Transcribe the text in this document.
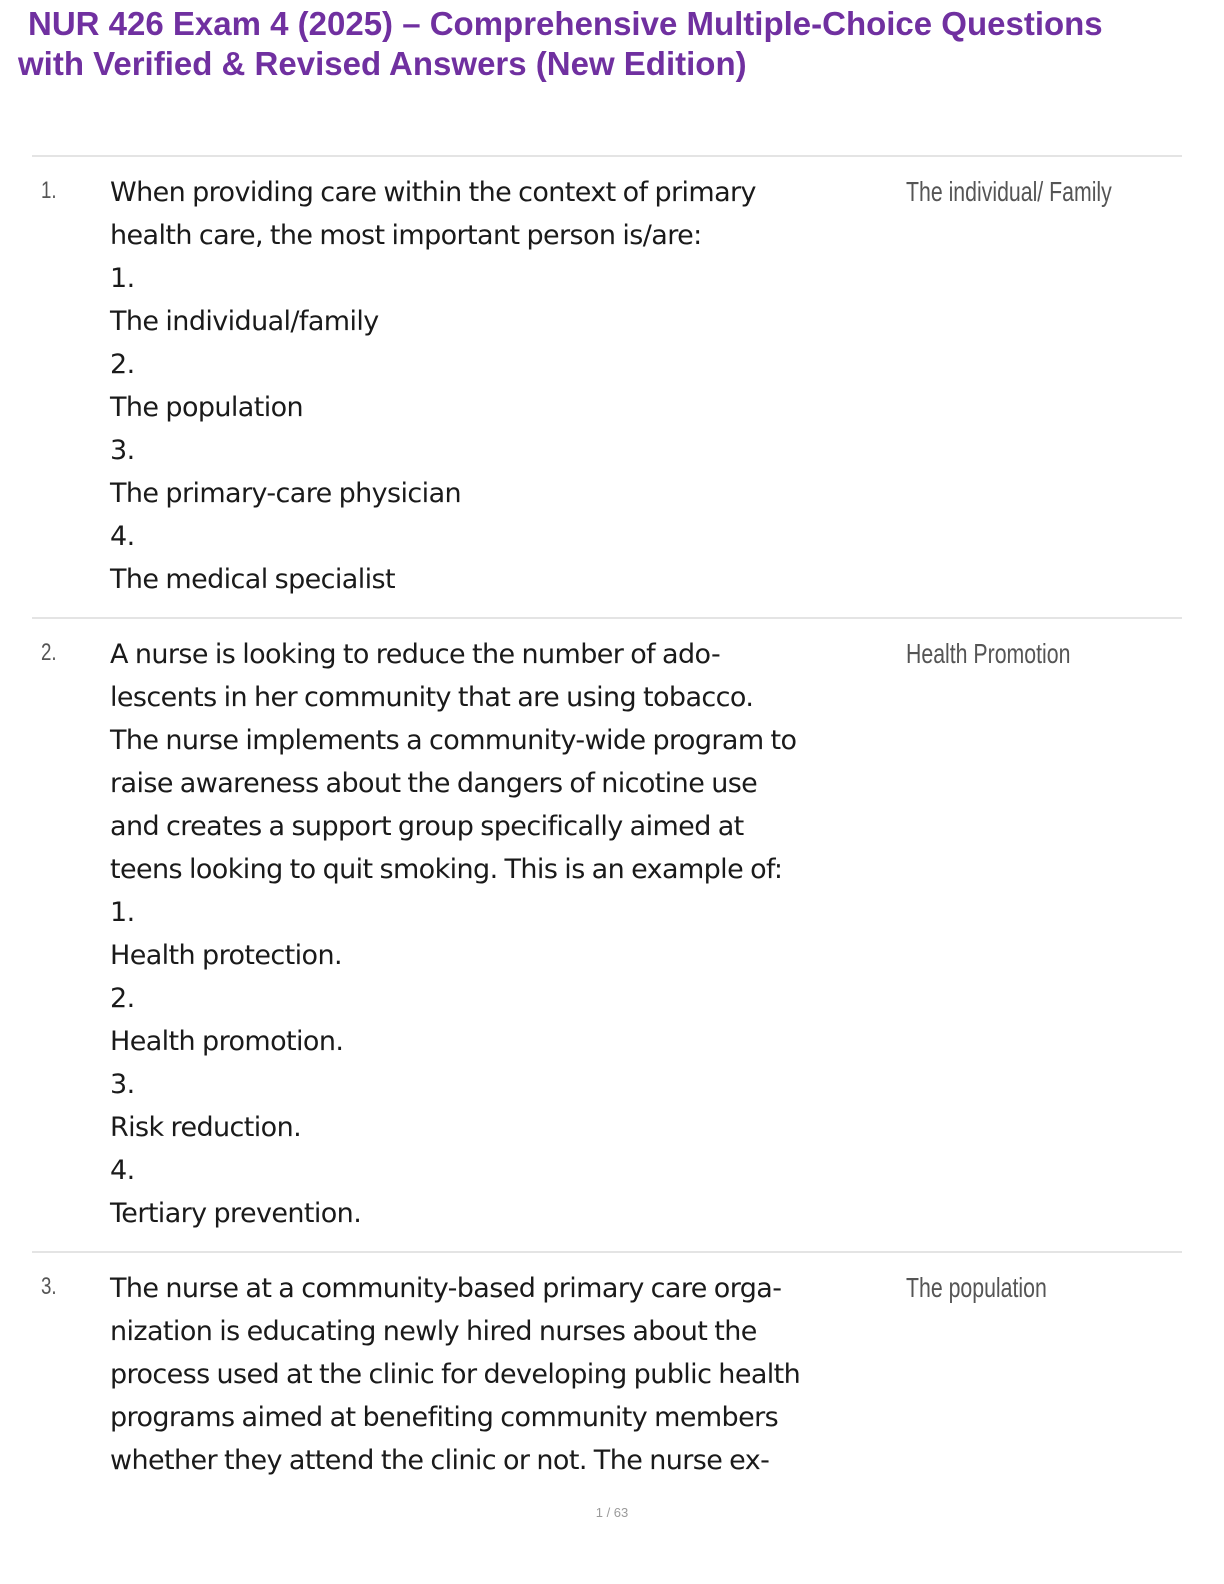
NUR 426 Exam 4 (2025) – Comprehensive Multiple-Choice Questions
with Verified & Revised Answers (New Edition)
1. When providing care within the context of primary
health care, the most important person is/are:
1.
The individual/family
2.
The population
3.
The primary-care physician
4.
The medical specialist
The individual/ Family
2. A nurse is looking to reduce the number of ado-
lescents in her community that are using tobacco.
The nurse implements a community-wide program to
raise awareness about the dangers of nicotine use
and creates a support group specifically aimed at
teens looking to quit smoking. This is an example of:
1.
Health protection.
2.
Health promotion.
3.
Risk reduction.
4.
Tertiary prevention.
Health Promotion
3. The nurse at a community-based primary care orga-
nization is educating newly hired nurses about the
process used at the clinic for developing public health
programs aimed at benefiting community members
whether they attend the clinic or not. The nurse ex-
The population
1 / 63
